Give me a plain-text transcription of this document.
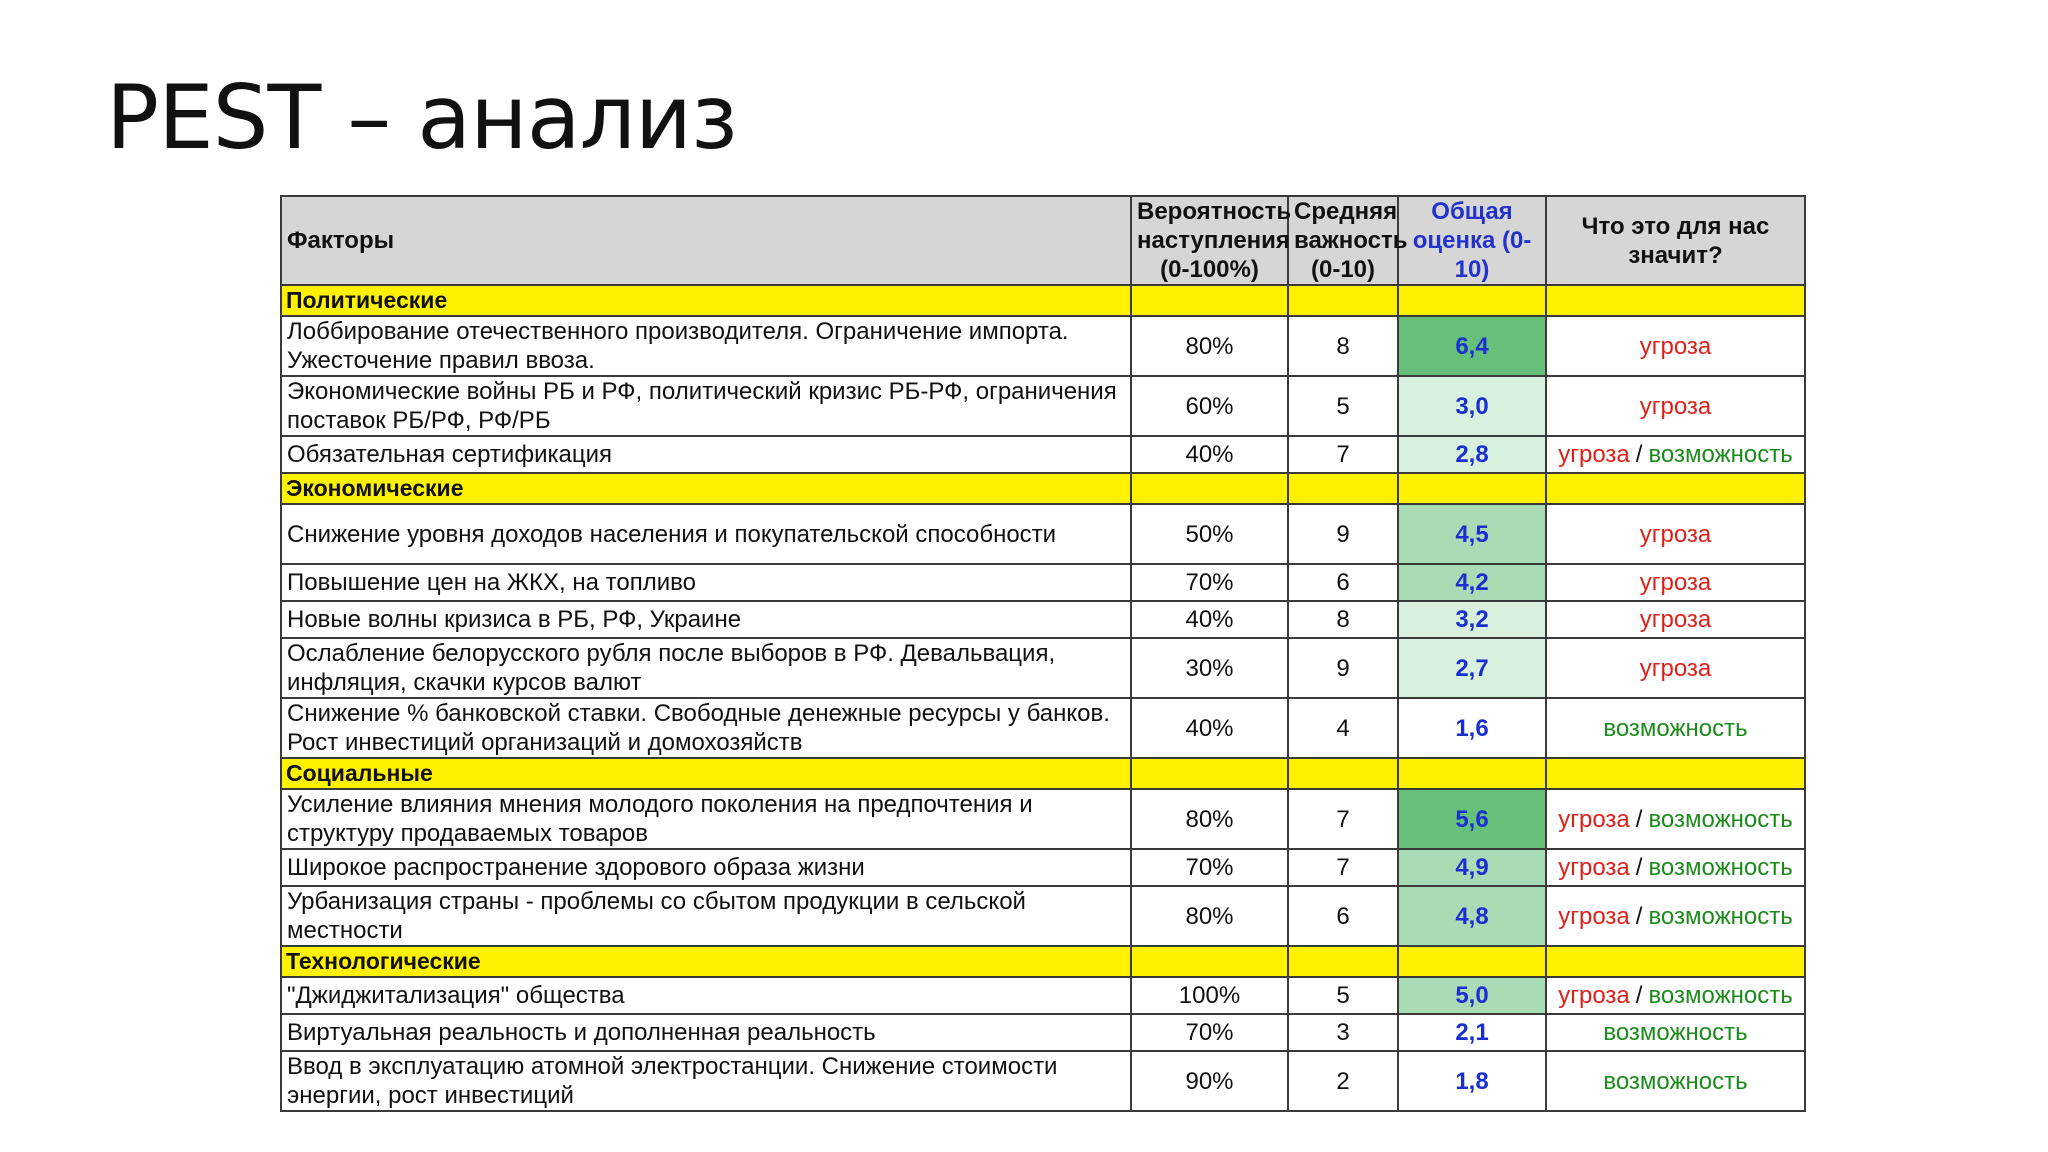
PEST – анализ
Факторы	Вероятность наступления (0-100%)	Средняя важность (0-10)	Общая оценка (0-10)	Что это для нас значит?
Политические				
Лоббирование отечественного производителя. Ограничение импорта. Ужесточение правил ввоза.	80%	8	6,4	угроза
Экономические войны РБ и РФ, политический кризис РБ-РФ, ограничения поставок РБ/РФ, РФ/РБ	60%	5	3,0	угроза
Обязательная сертификация	40%	7	2,8	угроза / возможность
Экономические				
Снижение уровня доходов населения и покупательской способности	50%	9	4,5	угроза
Повышение цен на ЖКХ, на топливо	70%	6	4,2	угроза
Новые волны кризиса в РБ, РФ, Украине	40%	8	3,2	угроза
Ослабление белорусского рубля после выборов в РФ. Девальвация, инфляция, скачки курсов валют	30%	9	2,7	угроза
Снижение % банковской ставки. Свободные денежные ресурсы у банков. Рост инвестиций организаций и домохозяйств	40%	4	1,6	возможность
Социальные				
Усиление влияния мнения молодого поколения на предпочтения и структуру продаваемых товаров	80%	7	5,6	угроза / возможность
Широкое распространение здорового образа жизни	70%	7	4,9	угроза / возможность
Урбанизация страны - проблемы со сбытом продукции в сельской местности	80%	6	4,8	угроза / возможность
Технологические				
"Джиджитализация" общества	100%	5	5,0	угроза / возможность
Виртуальная реальность и дополненная реальность	70%	3	2,1	возможность
Ввод в эксплуатацию атомной электростанции. Снижение стоимости энергии, рост инвестиций	90%	2	1,8	возможность
